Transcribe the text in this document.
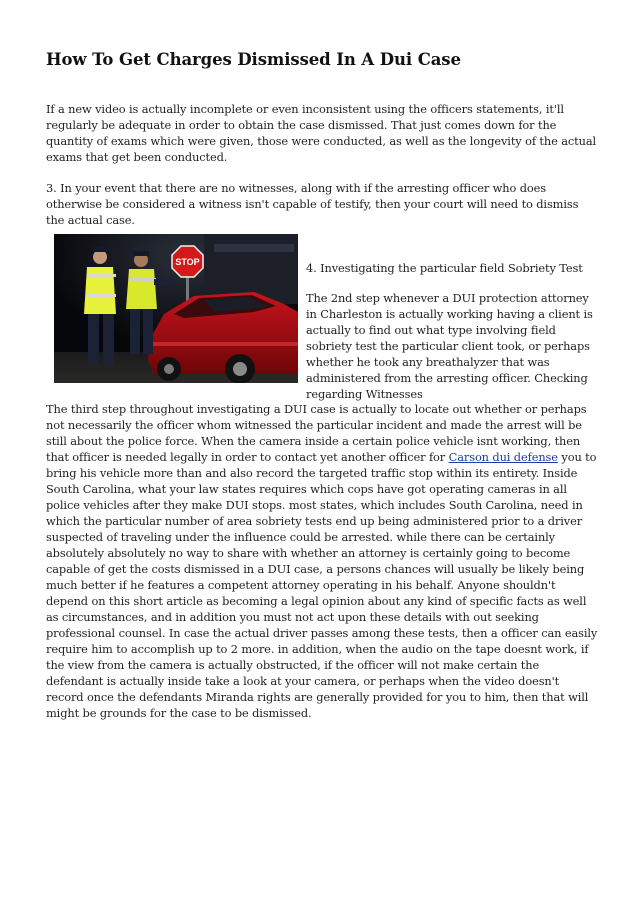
How To Get Charges Dismissed In A Dui Case

If a new video is actually incomplete or even inconsistent using the officers statements, it'll regularly be adequate in order to obtain the case dismissed. That just comes down for the quantity of exams which were given, those were conducted, as well as the longevity of the actual exams that get been conducted.

3. In your event that there are no witnesses, along with if the arresting officer who does otherwise be considered a witness isn't capable of testify, then your court will need to dismiss the actual case.

STOP	4. Investigating the particular field Sobriety Test

The 2nd step whenever a DUI protection attorney in Charleston is actually working having a client is actually to find out what type involving field sobriety test the particular client took, or perhaps whether he took any breathalyzer that was administered from the arresting officer. Checking regarding Witnesses

The third step throughout investigating a DUI case is actually to locate out whether or perhaps not necessarily the officer whom witnessed the particular incident and made the arrest will be still about the police force. When the camera inside a certain police vehicle isnt working, then that officer is needed legally in order to contact yet another officer for Carson dui defense you to bring his vehicle more than and also record the targeted traffic stop within its entirety. Inside South Carolina, what your law states requires which cops have got operating cameras in all police vehicles after they make DUI stops. most states, which includes South Carolina, need in which the particular number of area sobriety tests end up being administered prior to a driver suspected of traveling under the influence could be arrested. while there can be certainly absolutely absolutely no way to share with whether an attorney is certainly going to become capable of get the costs dismissed in a DUI case, a persons chances will usually be likely being much better if he features a competent attorney operating in his behalf. Anyone shouldn't depend on this short article as becoming a legal opinion about any kind of specific facts as well as circumstances, and in addition you must not act upon these details with out seeking professional counsel. In case the actual driver passes among these tests, then a officer can easily require him to accomplish up to 2 more. in addition, when the audio on the tape doesnt work, if the view from the camera is actually obstructed, if the officer will not make certain the defendant is actually inside take a look at your camera, or perhaps when the video doesn't record once the defendants Miranda rights are generally provided for you to him, then that will might be grounds for the case to be dismissed.
